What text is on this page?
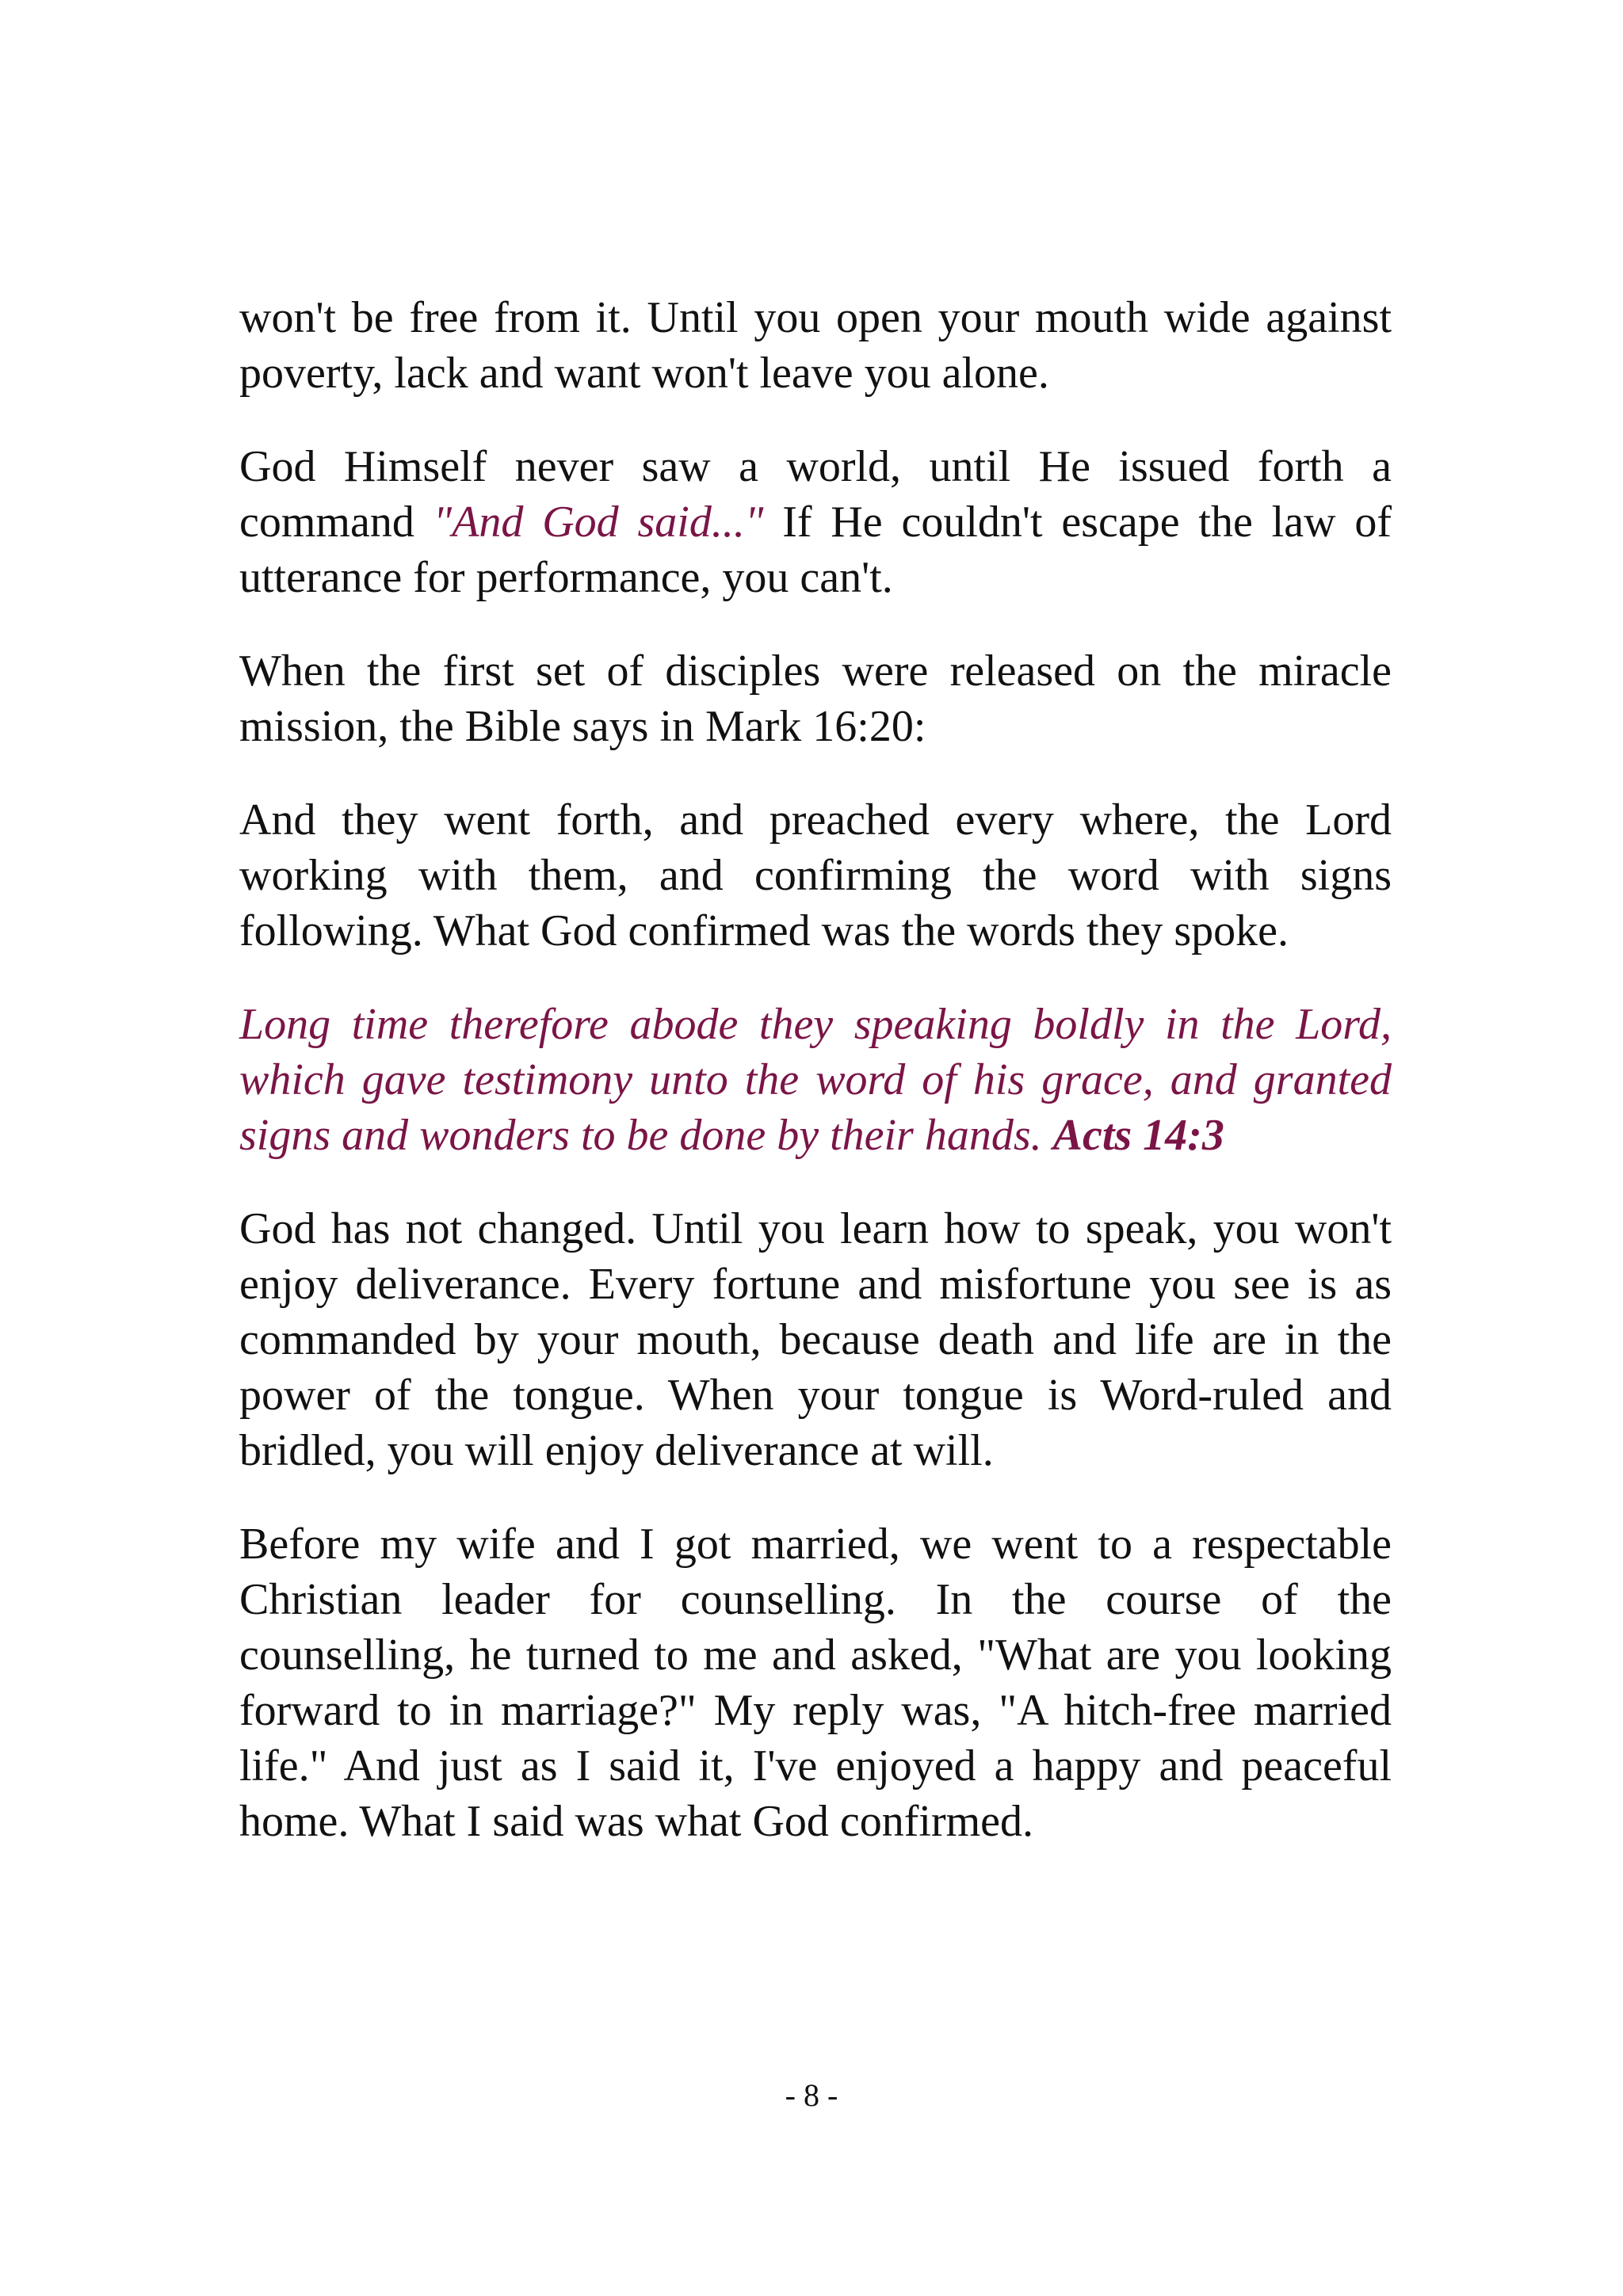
won't be free from it. Until you open your mouth wide against poverty, lack and want won't leave you alone.

God Himself never saw a world, until He issued forth a command "And God said..." If He couldn't escape the law of utterance for performance, you can't.

When the first set of disciples were released on the miracle mission, the Bible says in Mark 16:20:

And they went forth, and preached every where, the Lord working with them, and confirming the word with signs following. What God confirmed was the words they spoke.

Long time therefore abode they speaking boldly in the Lord, which gave testimony unto the word of his grace, and granted signs and wonders to be done by their hands. Acts 14:3

God has not changed. Until you learn how to speak, you won't enjoy deliverance. Every fortune and misfortune you see is as commanded by your mouth, because death and life are in the power of the tongue. When your tongue is Word-ruled and bridled, you will enjoy deliverance at will.

Before my wife and I got married, we went to a respectable Christian leader for counselling. In the course of the counselling, he turned to me and asked, "What are you looking forward to in marriage?" My reply was, "A hitch-free married life." And just as I said it, I've enjoyed a happy and peaceful home. What I said was what God confirmed.

- 8 -
